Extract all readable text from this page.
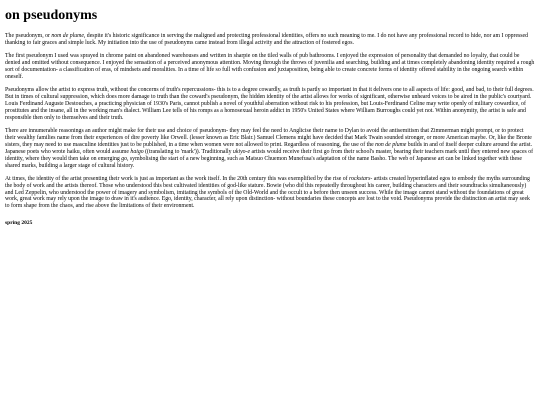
on pseudonyms

The pseudonym, or nom de plume, despite it's historic significance in serving the maligned and protecting professional identities, offers no such meaning to me. I do not have any professional record to hide, nor am I oppressed thanking to fair graces and simple luck. My initiation into the use of pseudonyms came instead from illegal activity and the attraction of fostered egos.

The first pseudonym I used was sprayed in chrome paint on abandoned warehouses and written in sharpie on the tiled walls of pub bathrooms. I enjoyed the expression of personality that demanded no loyalty, that could be denied and omitted without consequence. I enjoyed the sensation of a perceived anonymous attention. Moving through the throws of juvenilia and searching, building and at times completely abandoning identity required a rough sort of documentation- a classification of eras, of mindsets and moralities. In a time of life so full with confusion and juxtaposition, being able to create concrete forms of identity offered stability in the ongoing search within oneself.

Pseudonyms allow the artist to express truth, without the concerns of truth's repercussions- this is to a degree cowardly, as truth is partly so important in that it delivers one to all aspects of life: good, and bad, to their full degrees. But in times of cultural suppression, which does more damage to truth than the coward's pseudonym, the hidden identity of the artist allows for works of significant, otherwise unheard voices to be aired in the public's courtyard. Louis Ferdinand Auguste Destouches, a practicing physician of 1930's Paris, cannot publish a novel of youthful aberration without risk to his profession, but Louis-Ferdinand Celine may write openly of military cowardice, of prostitutes and the insane, all in the working man's dialect. William Lee tells of his romps as a homosexual heroin addict in 1950's United States where William Burroughs could yet not. Within anonymity, the artist is safe and responsible then only to themselves and their truth.

There are innumerable reasonings an author might make for their use and choice of pseudonym- they may feel the need to Anglicise their name to Dylan to avoid the antisemitism that Zimmerman might prompt, or to protect their wealthy families name from their experiences of dire poverty like Orwell. (lesser known as Eric Blair.) Samuel Clemens might have decided that Mark Twain sounded stronger, or more American maybe. Or, like the Bronte sisters, they may need to use masculine identities just to be published, in a time when women were not allowed to print. Regardless of reasoning, the use of the non de plume builds in and of itself deeper culture around the artist. Japanese poets who wrote haiku, often would assume haigo ((translating to 'mark')). Traditionally ukiyo-e artists would receive their first go from their school's master, bearing their teachers mark until they entered new spaces of identity, where they would then take on emerging go, symbolising the start of a new beginning, such as Matsuo Chuemon Munefusa's adaptation of the name Basho. The web of Japanese art can be linked together with these shared marks, building a larger stage of cultural history.

At times, the identity of the artist presenting their work is just as important as the work itself. In the 20th century this was exemplified by the rise of rockstars- artists created hyperinflated egos to embody the myths surrounding the body of work and the artists thereof. Those who understood this best cultivated identities of god-like stature. Bowie (who did this repeatedly throughout his career, building characters and their soundtracks simultaneously) and Led Zeppelin, who understood the power of imagery and symbolism, imitating the symbols of the Old-World and the occult to a before then unseen success. While the image cannot stand without the foundations of great work, great work may rely upon the image to draw in it's audience. Ego, identity, character, all rely upon distinction- without boundaries these concepts are lost to the void. Pseudonyms provide the distinction an artist may seek to form shape from the chaos, and rise above the limitations of their environment.

spring 2025
